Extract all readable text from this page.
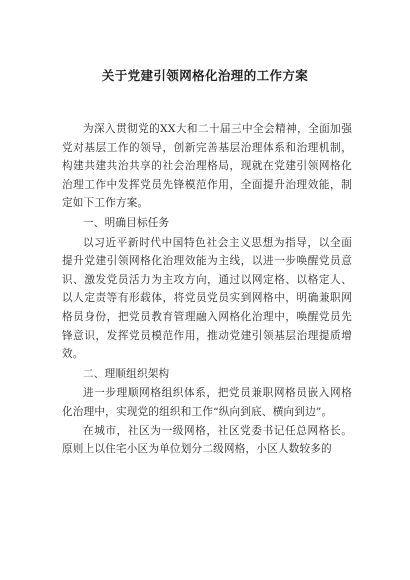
关于党建引领网格化治理的工作方案

为深入贯彻党的XX大和二十届三中全会精神，全面加强党对基层工作的领导，创新完善基层治理体系和治理机制，构建共建共治共享的社会治理格局，现就在党建引领网格化治理工作中发挥党员先锋模范作用，全面提升治理效能，制定如下工作方案。

一、明确目标任务

以习近平新时代中国特色社会主义思想为指导，以全面提升党建引领网格化治理效能为主线，以进一步唤醒党员意识、激发党员活力为主攻方向，通过以网定格、以格定人、以人定责等有形载体，将党员党员实到网格中，明确兼职网格员身份，把党员教育管理融入网格化治理中，唤醒党员先锋意识，发挥党员模范作用，推动党建引领基层治理提质增效。

二、理顺组织架构

进一步理顺网格组织体系，把党员兼职网格员嵌入网格化治理中，实现党的组织和工作“纵向到底、横向到边”。

在城市，社区为一级网格，社区党委书记任总网格长。原则上以住宅小区为单位划分二级网格，小区人数较多的
